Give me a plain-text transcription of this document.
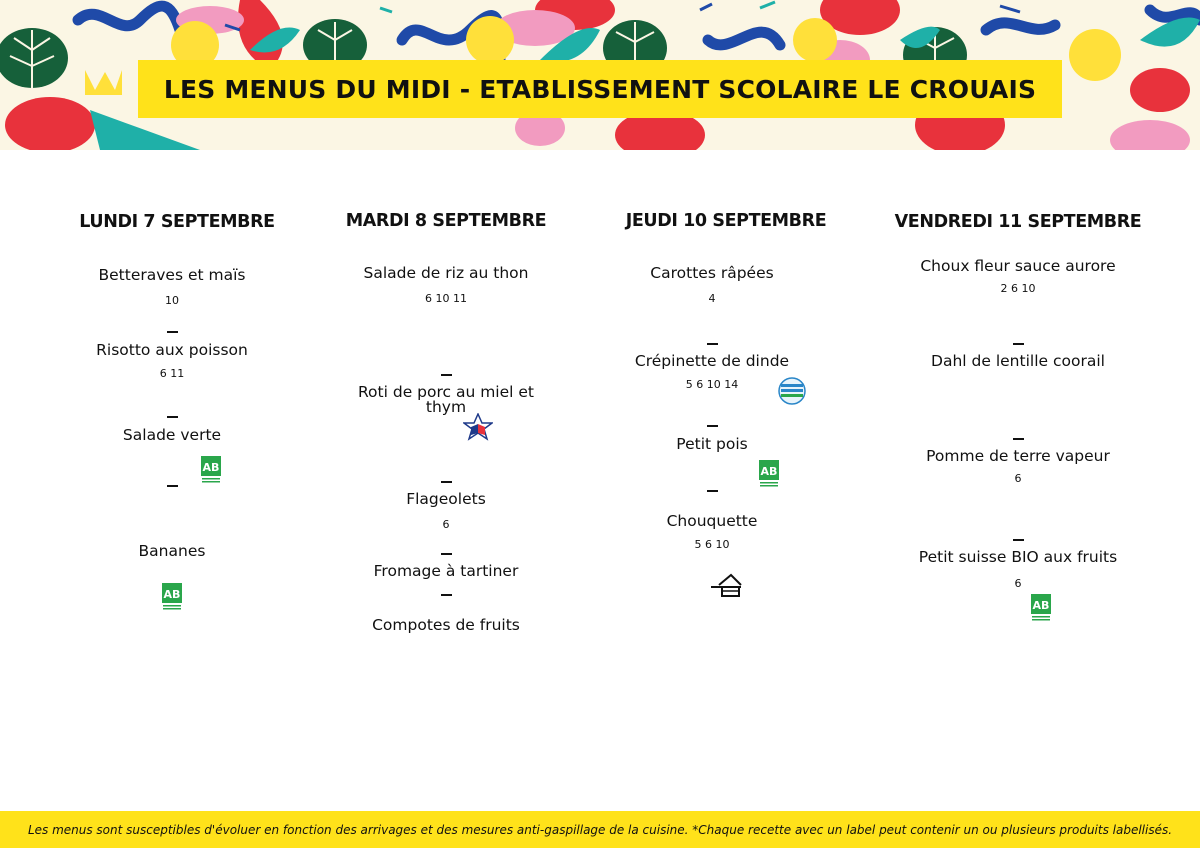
LES MENUS DU MIDI - ETABLISSEMENT SCOLAIRE LE CROUAIS
LUNDI 7 SEPTEMBRE
Betteraves et maïs
10
Risotto aux poisson
6 11
Salade verte
AB
Bananes
AB
MARDI 8 SEPTEMBRE
Salade de riz au thon
6 10 11
Roti de porc au miel et thym
Flageolets
6
Fromage à tartiner
Compotes de fruits
JEUDI 10 SEPTEMBRE
Carottes râpées
4
Crépinette de dinde
5 6 10 14
Petit pois
AB
Chouquette
5 6 10
VENDREDI 11 SEPTEMBRE
Choux fleur sauce aurore
2 6 10
Dahl de lentille coorail
Pomme de terre vapeur
6
Petit suisse BIO aux fruits
6
AB
Les menus sont susceptibles d'évoluer en fonction des arrivages et des mesures anti-gaspillage de la cuisine. *Chaque recette avec un label peut contenir un ou plusieurs produits labellisés.
